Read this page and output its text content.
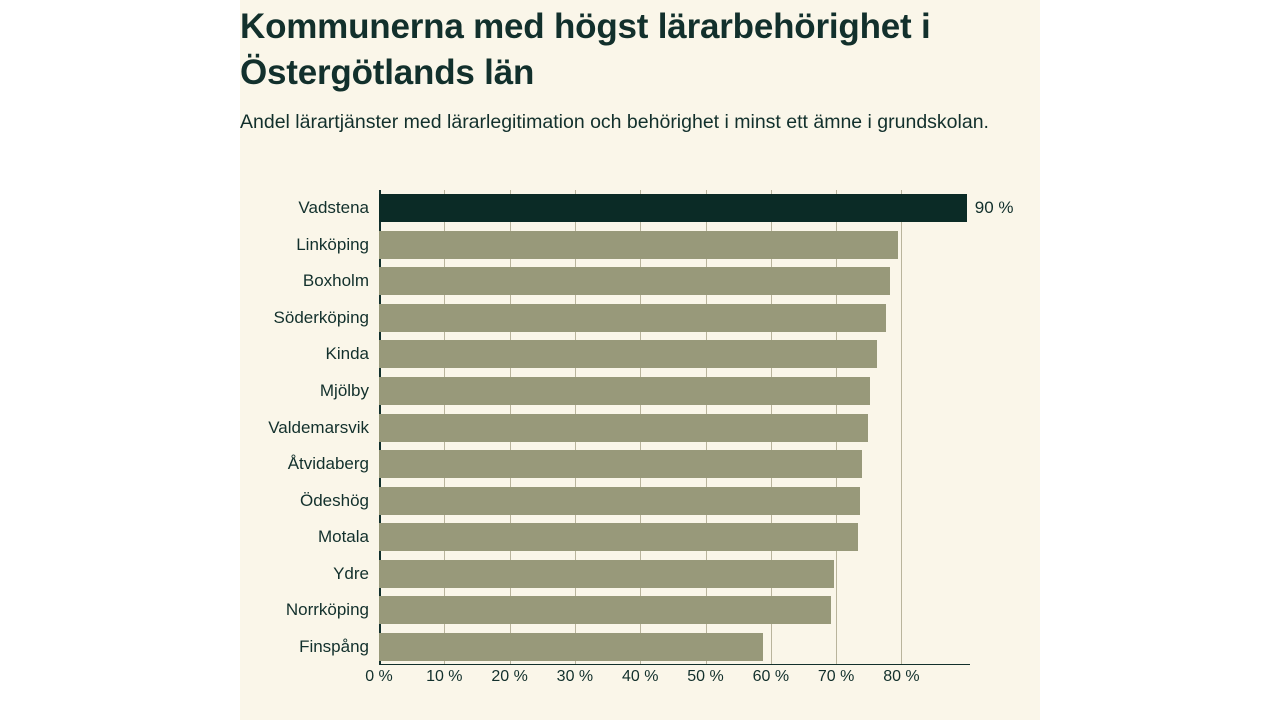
Kommunerna med högst lärarbehörighet i Östergötlands län
Andel lärartjänster med lärarlegitimation och behörighet i minst ett ämne i grundskolan.
Vadstena	90 %
Linköping
Boxholm
Söderköping
Kinda
Mjölby
Valdemarsvik
Åtvidaberg
Ödeshög
Motala
Ydre
Norrköping
Finspång
0 % 10 % 20 % 30 % 40 % 50 % 60 % 70 % 80 %
